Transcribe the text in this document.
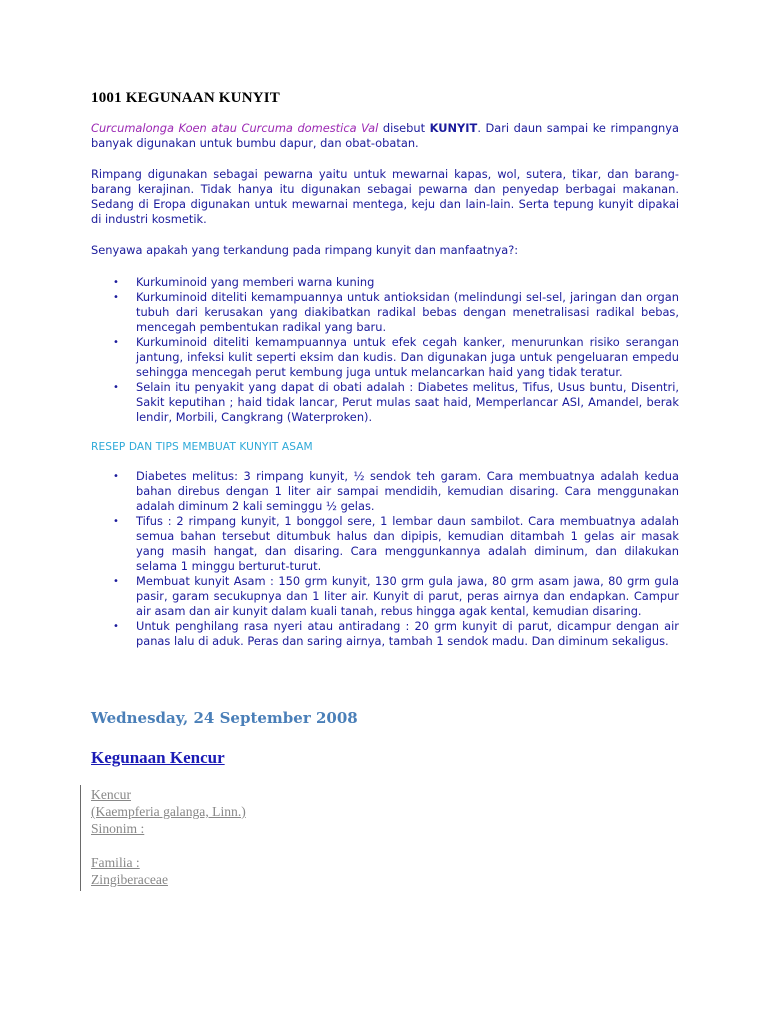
1001 KEGUNAAN KUNYIT

Curcumalonga Koen atau Curcuma domestica Val disebut KUNYIT. Dari daun sampai ke rimpangnya banyak digunakan untuk bumbu dapur, dan obat-obatan.

Rimpang digunakan sebagai pewarna yaitu untuk mewarnai kapas, wol, sutera, tikar, dan barang-barang kerajinan. Tidak hanya itu digunakan sebagai pewarna dan penyedap berbagai makanan. Sedang di Eropa digunakan untuk mewarnai mentega, keju dan lain-lain. Serta tepung kunyit dipakai di industri kosmetik.

Senyawa apakah yang terkandung pada rimpang kunyit dan manfaatnya?:

• Kurkuminoid yang memberi warna kuning
• Kurkuminoid diteliti kemampuannya untuk antioksidan (melindungi sel-sel, jaringan dan organ tubuh dari kerusakan yang diakibatkan radikal bebas dengan menetralisasi radikal bebas, mencegah pembentukan radikal yang baru.
• Kurkuminoid diteliti kemampuannya untuk efek cegah kanker, menurunkan risiko serangan jantung, infeksi kulit seperti eksim dan kudis. Dan digunakan juga untuk pengeluaran empedu sehingga mencegah perut kembung juga untuk melancarkan haid yang tidak teratur.
• Selain itu penyakit yang dapat di obati adalah : Diabetes melitus, Tifus, Usus buntu, Disentri, Sakit keputihan ; haid tidak lancar, Perut mulas saat haid, Memperlancar ASI, Amandel, berak lendir, Morbili, Cangkrang (Waterproken).

RESEP DAN TIPS MEMBUAT KUNYIT ASAM

• Diabetes melitus: 3 rimpang kunyit, ½ sendok teh garam. Cara membuatnya adalah kedua bahan direbus dengan 1 liter air sampai mendidih, kemudian disaring. Cara menggunakan adalah diminum 2 kali seminggu ½ gelas.
• Tifus : 2 rimpang kunyit, 1 bonggol sere, 1 lembar daun sambilot. Cara membuatnya adalah semua bahan tersebut ditumbuk halus dan dipipis, kemudian ditambah 1 gelas air masak yang masih hangat, dan disaring. Cara menggunkannya adalah diminum, dan dilakukan selama 1 minggu berturut-turut.
• Membuat kunyit Asam : 150 grm kunyit, 130 grm gula jawa, 80 grm asam jawa, 80 grm gula pasir, garam secukupnya dan 1 liter air. Kunyit di parut, peras airnya dan endapkan. Campur air asam dan air kunyit dalam kuali tanah, rebus hingga agak kental, kemudian disaring.
• Untuk penghilang rasa nyeri atau antiradang : 20 grm kunyit di parut, dicampur dengan air panas lalu di aduk. Peras dan saring airnya, tambah 1 sendok madu. Dan diminum sekaligus.
Wednesday, 24 September 2008
Kegunaan Kencur
Kencur
(Kaempferia galanga, Linn.)
Sinonim :
Familia :
Zingiberaceae
